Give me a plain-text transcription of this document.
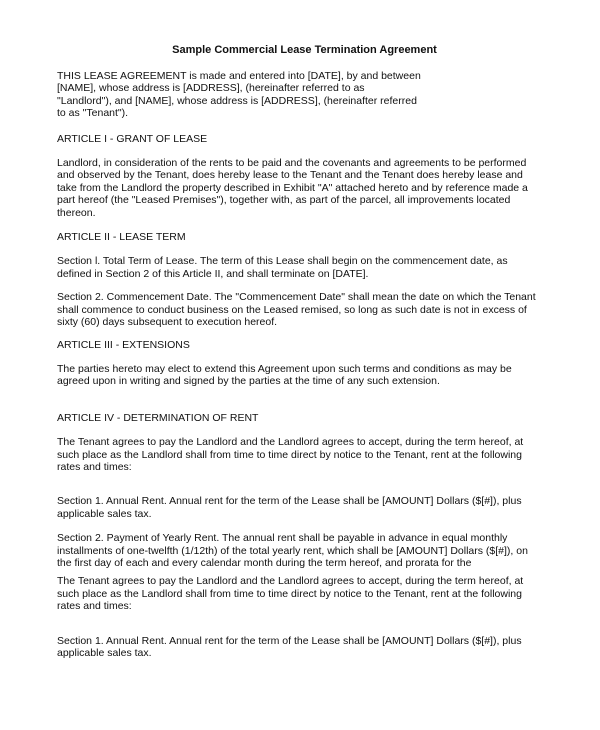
Sample Commercial Lease Termination Agreement
THIS LEASE AGREEMENT is made and entered into [DATE], by and between
[NAME], whose address is [ADDRESS], (hereinafter referred to as
"Landlord"), and [NAME], whose address is [ADDRESS], (hereinafter referred
to as "Tenant").
ARTICLE I - GRANT OF LEASE
Landlord, in consideration of the rents to be paid and the covenants and agreements to be performed
and observed by the Tenant, does hereby lease to the Tenant and the Tenant does hereby lease and
take from the Landlord the property described in Exhibit "A" attached hereto and by reference made a
part hereof (the "Leased Premises"), together with, as part of the parcel, all improvements located
thereon.
ARTICLE II - LEASE TERM
Section l. Total Term of Lease. The term of this Lease shall begin on the commencement date, as
defined in Section 2 of this Article II, and shall terminate on [DATE].
Section 2. Commencement Date. The "Commencement Date" shall mean the date on which the Tenant
shall commence to conduct business on the Leased remised, so long as such date is not in excess of
sixty (60) days subsequent to execution hereof.
ARTICLE III - EXTENSIONS
The parties hereto may elect to extend this Agreement upon such terms and conditions as may be
agreed upon in writing and signed by the parties at the time of any such extension.
ARTICLE IV - DETERMINATION OF RENT
The Tenant agrees to pay the Landlord and the Landlord agrees to accept, during the term hereof, at
such place as the Landlord shall from time to time direct by notice to the Tenant, rent at the following
rates and times:
Section 1. Annual Rent. Annual rent for the term of the Lease shall be [AMOUNT] Dollars ($[#]), plus
applicable sales tax.
Section 2. Payment of Yearly Rent. The annual rent shall be payable in advance in equal monthly
installments of one-twelfth (1/12th) of the total yearly rent, which shall be [AMOUNT] Dollars ($[#]), on
the first day of each and every calendar month during the term hereof, and prorata for the
The Tenant agrees to pay the Landlord and the Landlord agrees to accept, during the term hereof, at
such place as the Landlord shall from time to time direct by notice to the Tenant, rent at the following
rates and times:
Section 1. Annual Rent. Annual rent for the term of the Lease shall be [AMOUNT] Dollars ($[#]), plus
applicable sales tax.
